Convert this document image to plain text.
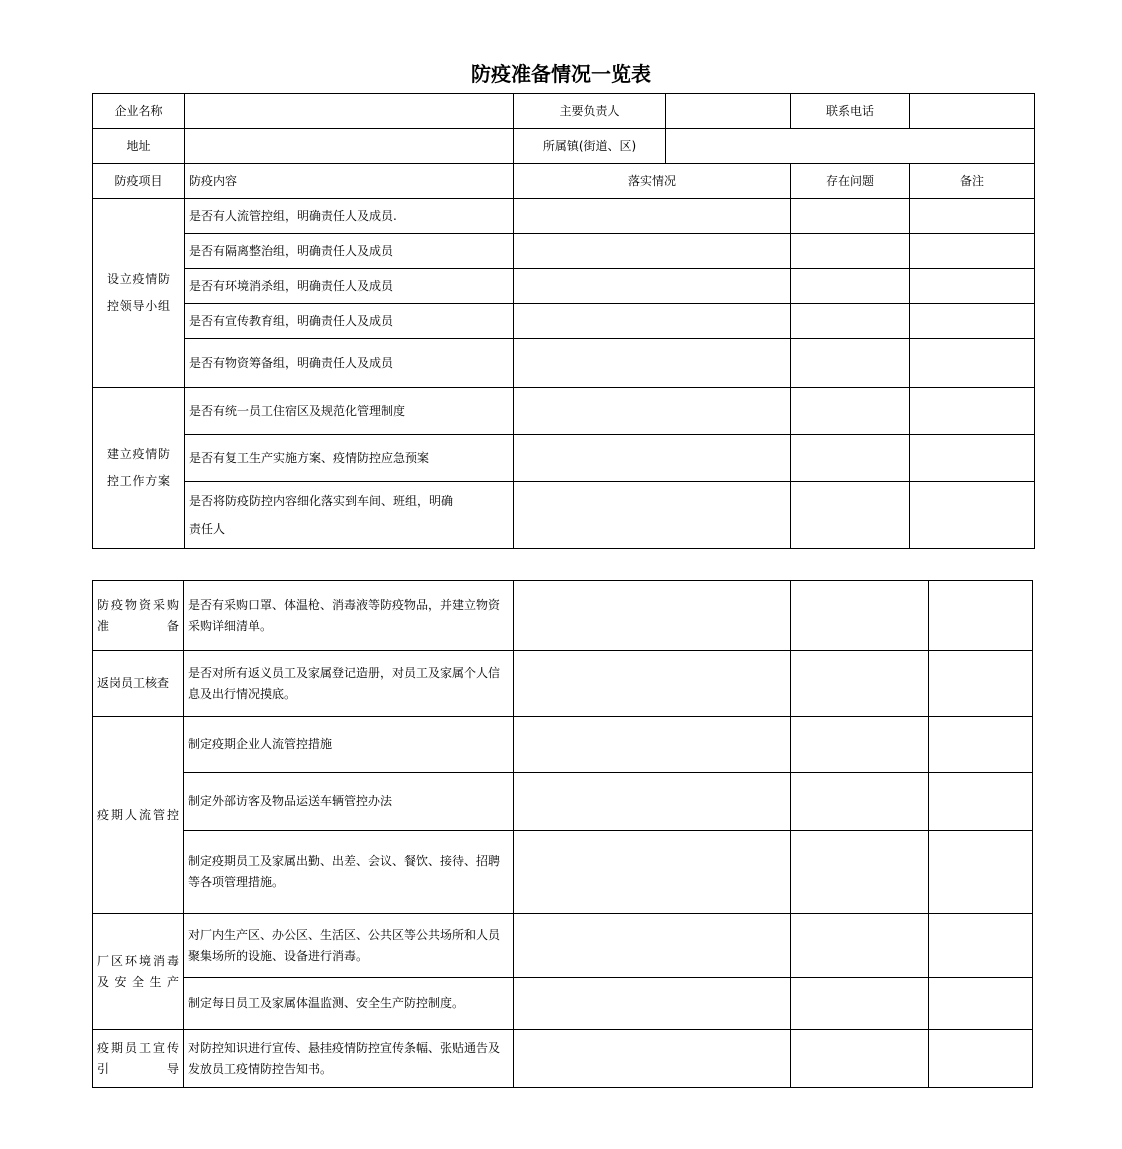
防疫准备情况一览表
企业名称		主要负责人		联系电话	
地址		所属镇(街道、区)			
防疫项目	防疫内容	落实情况		存在问题	备注

设立疫情防控领导小组	是否有人流管控组，明确责任人及成员.				
	是否有隔离整治组，明确责任人及成员				
	是否有环境消杀组，明确责任人及成员				
	是否有宣传教育组，明确责任人及成员				
	是否有物资筹备组，明确责任人及成员				

建立疫情防控工作方案	是否有统一员工住宿区及规范化管理制度				
	是否有复工生产实施方案、疫情防控应急预案				
	是否将防疫防控内容细化落实到车间、班组，明确责任人				
防疫物资采购准备	是否有采购口罩、体温枪、消毒液等防疫物品，并建立物资采购详细清单。			
返岗员工核查	是否对所有返义员工及家属登记造册，对员工及家属个人信息及出行情况摸底。			

疫期人流管控	制定疫期企业人流管控措施			
	制定外部访客及物品运送车辆管控办法			
	制定疫期员工及家属出勤、出差、会议、餐饮、接待、招聘等各项管理措施。			

厂区环境消毒及安全生产	对厂内生产区、办公区、生活区、公共区等公共场所和人员聚集场所的设施、设备进行消毒。			
	制定每日员工及家属体温监测、安全生产防控制度。			

疫期员工宣传引导	对防控知识进行宣传、悬挂疫情防控宣传条幅、张贴通告及发放员工疫情防控告知书。			
